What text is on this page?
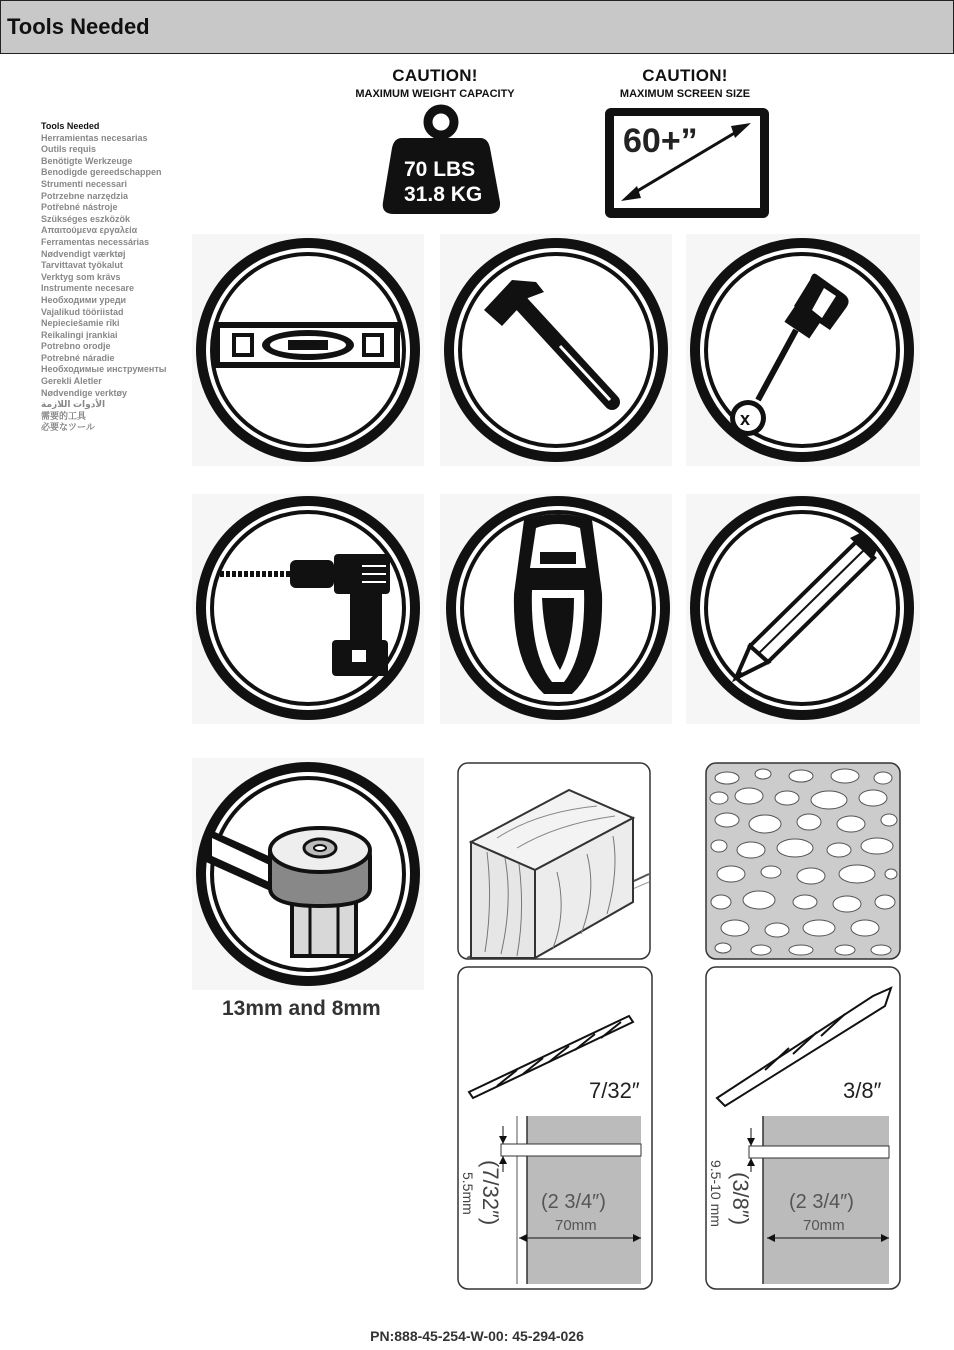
Tools Needed
CAUTION!
MAXIMUM WEIGHT CAPACITY
70 LBS
31.8 KG
CAUTION!
MAXIMUM SCREEN SIZE
60+”
Tools Needed
Herramientas necesarias
Outils requis
Benötigte Werkzeuge
Benodigde gereedschappen
Strumenti necessari
Potrzebne narzędzia
Potřebné nástroje
Szükséges eszközök
Απαιτούμενα εργαλεία
Ferramentas necessárias
Nødvendigt værktøj
Tarvittavat työkalut
Verktyg som krävs
Instrumente necesare
Необходими уреди
Vajalikud tööriistad
Nepieciešamie rīki
Reikalingi įrankiai
Potrebno orodje
Potrebné náradie
Необходимые инструменты
Gerekli Aletler
Nødvendige verktøy
الأدوات اللازمة
需要的工具
必要なツール	x
13mm and 8mm
7/32″
(2 3/4″)
70mm
(7/32″)
5.5mm
3/8″
(2 3/4″)
70mm
(3/8″)
9.5-10 mm
PN:888-45-254-W-00: 45-294-026
